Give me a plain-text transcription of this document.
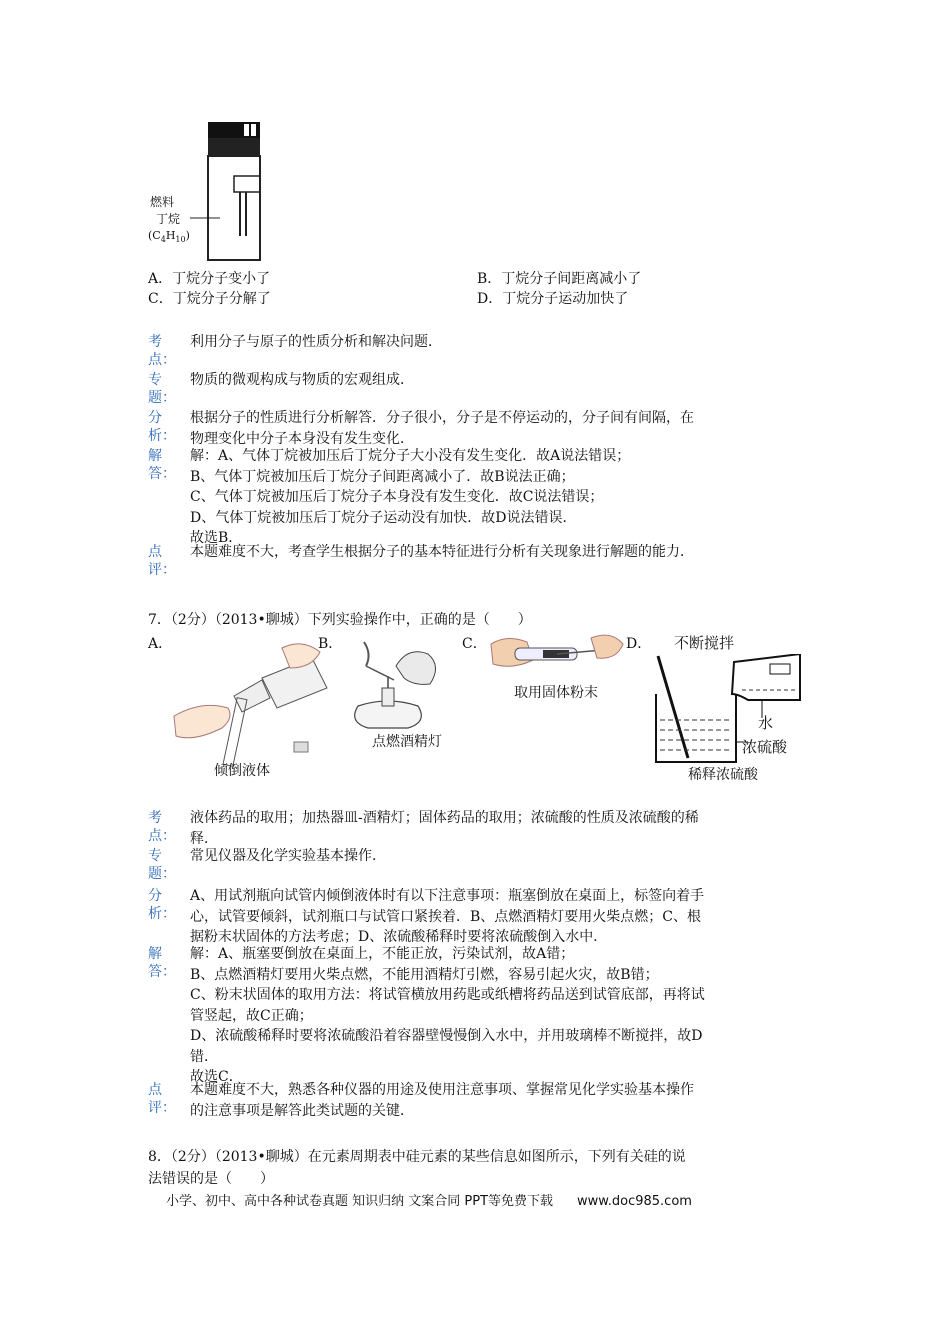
燃料
丁烷
$(C_4H_{10})$
A．丁烷分子变小了	B．丁烷分子间距离减小了
C．丁烷分子分解了	D．丁烷分子运动加快了
考
点：
利用分子与原子的性质分析和解决问题．
专
题：
物质的微观构成与物质的宏观组成．
分
析：
根据分子的性质进行分析解答．分子很小，分子是不停运动的，分子间有间隔，在
物理变化中分子本身没有发生变化．
解
答：
解：A、气体丁烷被加压后丁烷分子大小没有发生变化．故A说法错误；
B、气体丁烷被加压后丁烷分子间距离减小了．故B说法正确；
C、气体丁烷被加压后丁烷分子本身没有发生变化．故C说法错误；
D、气体丁烷被加压后丁烷分子运动没有加快．故D说法错误．
故选B．
点
评：
本题难度不大，考查学生根据分子的基本特征进行分析有关现象进行解题的能力．
7．（2分）（2013•聊城）下列实验操作中，正确的是（　　）
A．	B．	C．	D．
倾倒液体
点燃酒精灯
取用固体粉末
不断搅拌
水
浓硫酸
稀释浓硫酸
考
点：
液体药品的取用；加热器皿-酒精灯；固体药品的取用；浓硫酸的性质及浓硫酸的稀
释．
专
题：
常见仪器及化学实验基本操作．
分
析：
A、用试剂瓶向试管内倾倒液体时有以下注意事项：瓶塞倒放在桌面上，标签向着手
心，试管要倾斜，试剂瓶口与试管口紧挨着．B、点燃酒精灯要用火柴点燃；C、根
据粉末状固体的方法考虑；D、浓硫酸稀释时要将浓硫酸倒入水中．
解
答：
解：A、瓶塞要倒放在桌面上，不能正放，污染试剂，故A错；
B、点燃酒精灯要用火柴点燃，不能用酒精灯引燃，容易引起火灾，故B错；
C、粉末状固体的取用方法：将试管横放用药匙或纸槽将药品送到试管底部，再将试
管竖起，故C正确；
D、浓硫酸稀释时要将浓硫酸沿着容器壁慢慢倒入水中，并用玻璃棒不断搅拌，故D
错．
故选C．
点
评：
本题难度不大，熟悉各种仪器的用途及使用注意事项、掌握常见化学实验基本操作
的注意事项是解答此类试题的关键．
8．（2分）（2013•聊城）在元素周期表中硅元素的某些信息如图所示，下列有关硅的说
法错误的是（　　）
小学、初中、高中各种试卷真题 知识归纳 文案合同 PPT等免费下载 www.doc985.com
